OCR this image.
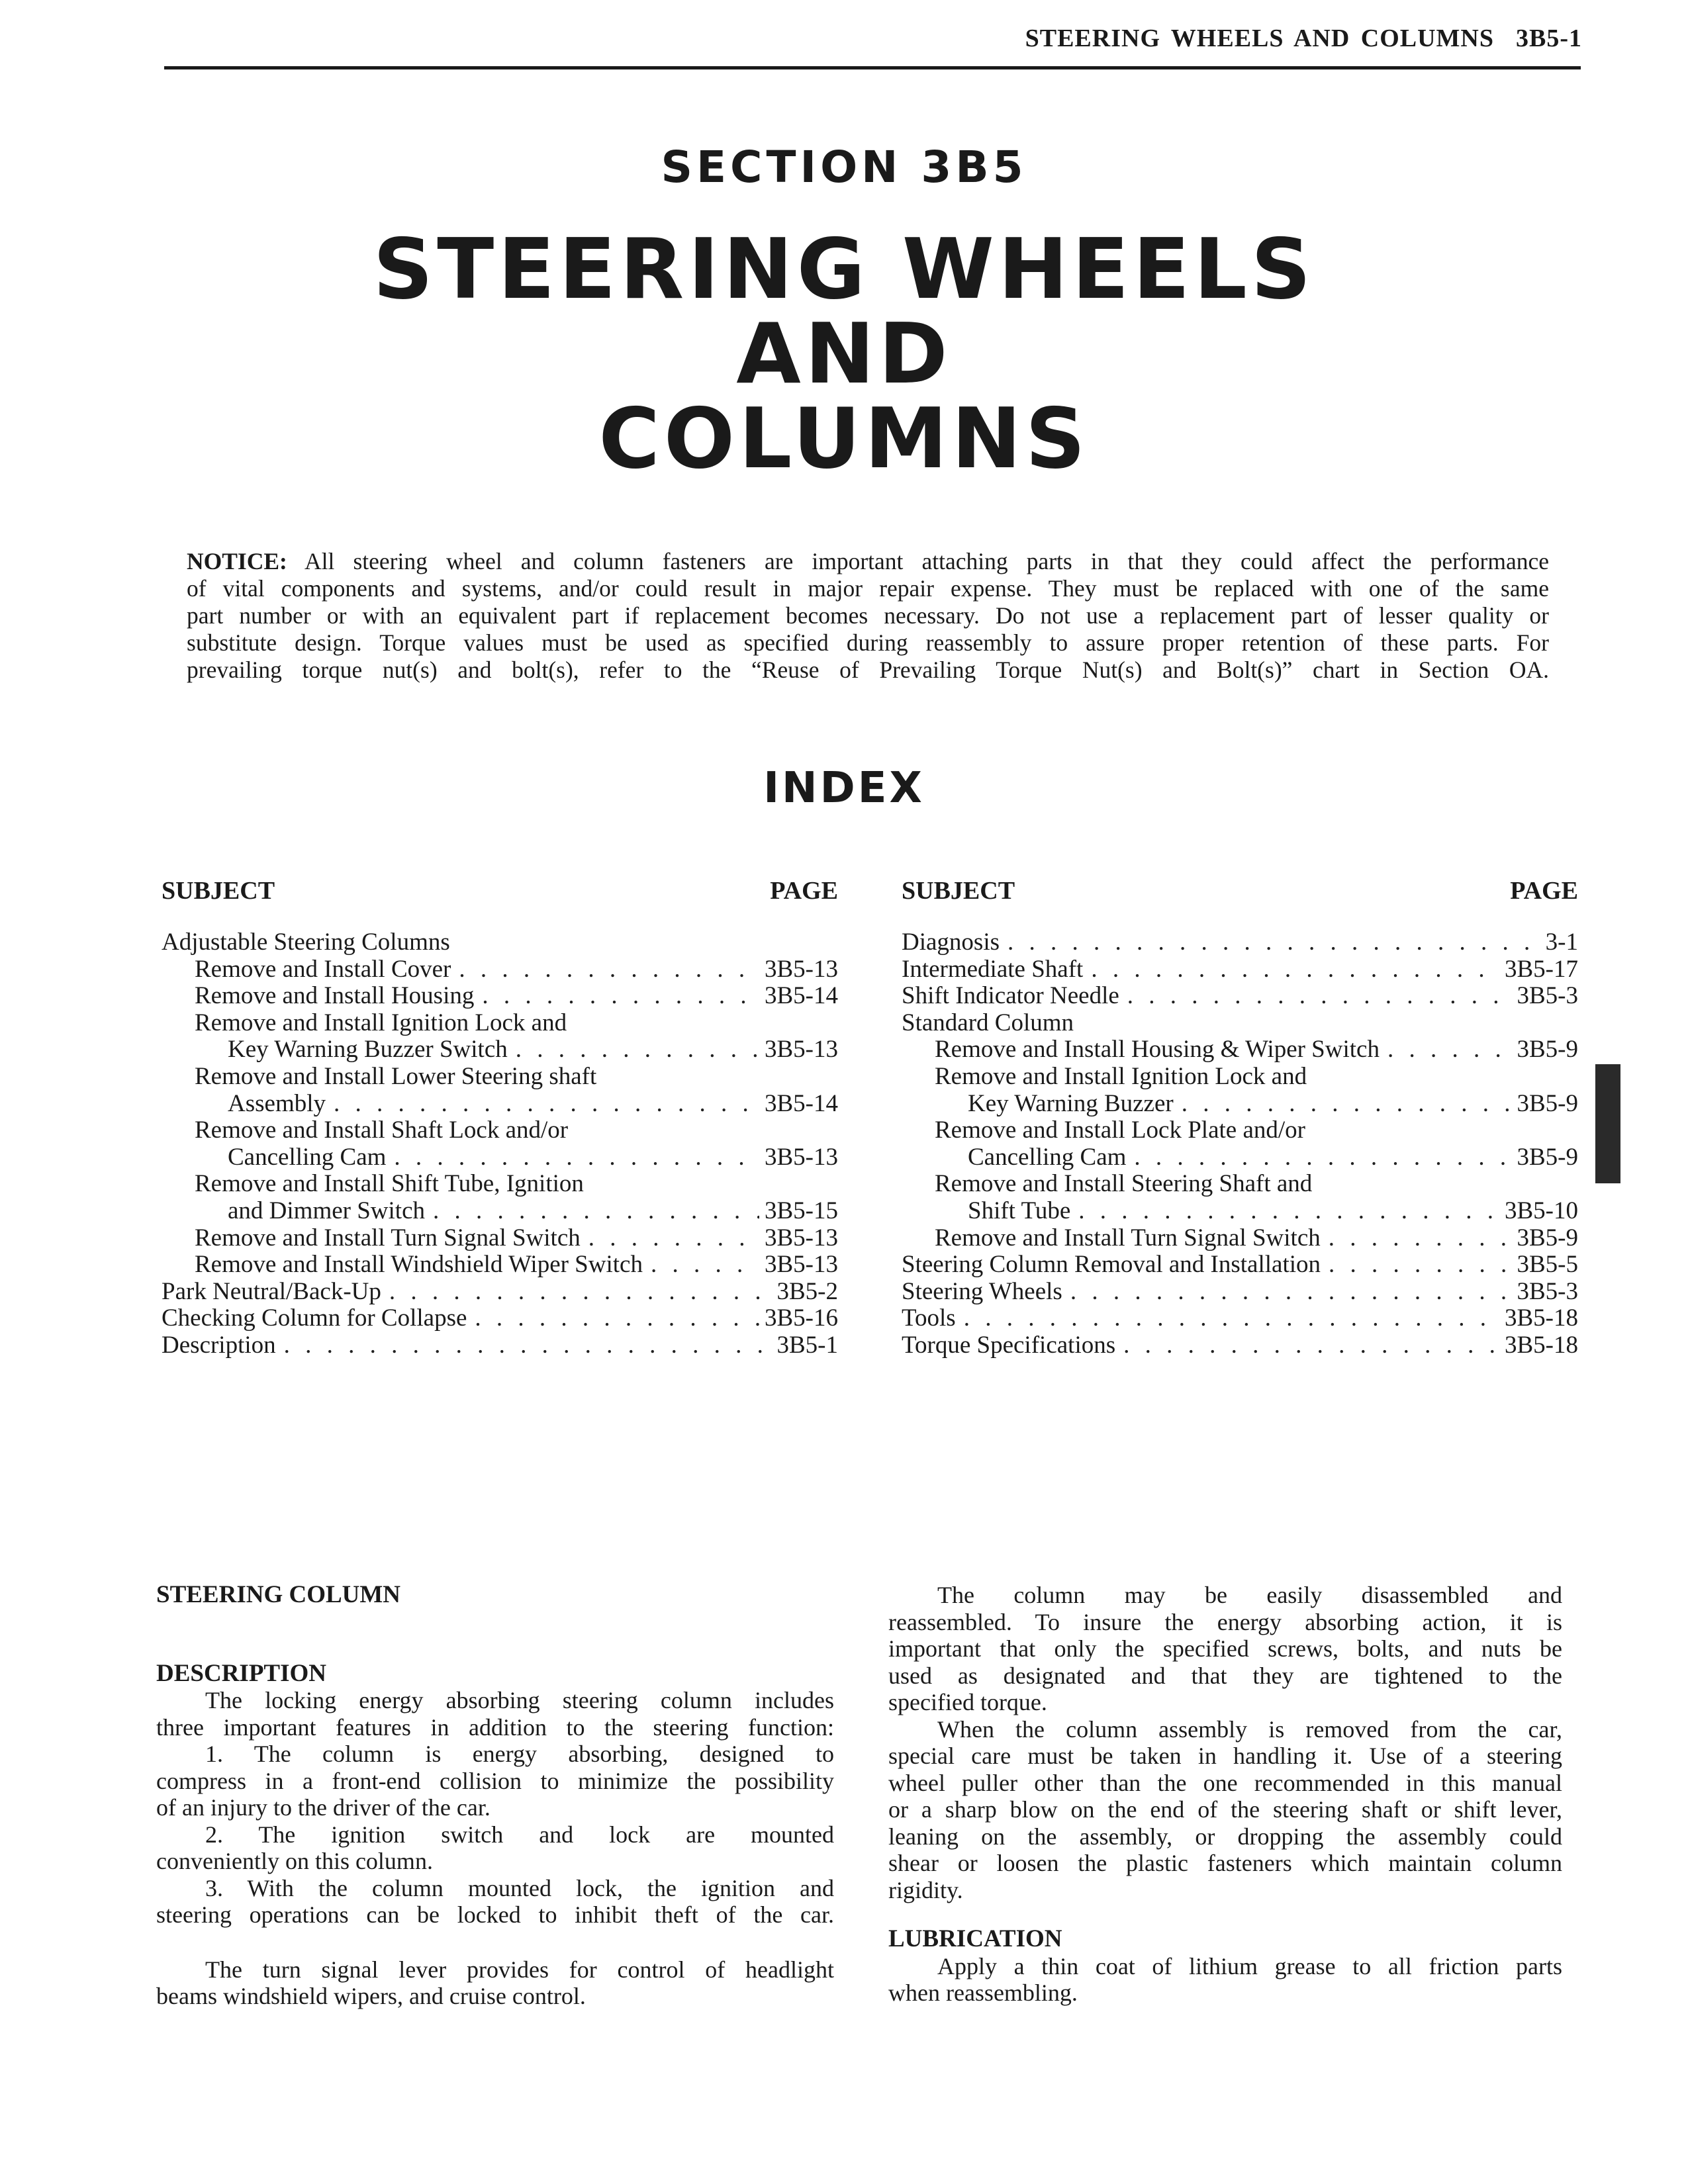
STEERING WHEELS AND COLUMNS 3B5-1
SECTION 3B5
STEERING WHEELS
AND
COLUMNS

NOTICE: All steering wheel and column fasteners are important attaching parts in that they could affect the performance

of vital components and systems, and/or could result in major repair expense. They must be replaced with one of the same

part number or with an equivalent part if replacement becomes necessary. Do not use a replacement part of lesser quality or

substitute design. Torque values must be used as specified during reassembly to assure proper retention of these parts. For

prevailing torque nut(s) and bolt(s), refer to the “Reuse of Prevailing Torque Nut(s) and Bolt(s)” chart in Section OA.

INDEX
SUBJECT	PAGE
Adjustable Steering Columns
Remove and Install Cover . . .	3B5-13
Remove and Install Housing . . .	3B5-14
Remove and Install Ignition Lock and
Key Warning Buzzer Switch . . .	3B5-13
Remove and Install Lower Steering shaft
Assembly . . .	3B5-14
Remove and Install Shaft Lock and/or
Cancelling Cam . . .	3B5-13
Remove and Install Shift Tube, Ignition
and Dimmer Switch . . .	3B5-15
Remove and Install Turn Signal Switch . . .	3B5-13
Remove and Install Windshield Wiper Switch . . .	3B5-13
Park Neutral/Back-Up . . .	3B5-2
Checking Column for Collapse . . .	3B5-16
Description . . .	3B5-1
SUBJECT	PAGE
Diagnosis . . .	3-1
Intermediate Shaft . . .	3B5-17
Shift Indicator Needle . . .	3B5-3
Standard Column
Remove and Install Housing & Wiper Switch . . .	3B5-9
Remove and Install Ignition Lock and
Key Warning Buzzer . . .	3B5-9
Remove and Install Lock Plate and/or
Cancelling Cam . . .	3B5-9
Remove and Install Steering Shaft and
Shift Tube . . .	3B5-10
Remove and Install Turn Signal Switch . . .	3B5-9
Steering Column Removal and Installation . . .	3B5-5
Steering Wheels . . .	3B5-3
Tools . . .	3B5-18
Torque Specifications . . .	3B5-18
STEERING COLUMN
DESCRIPTION
The locking energy absorbing steering column includes
three important features in addition to the steering function:
1. The column is energy absorbing, designed to
compress in a front-end collision to minimize the possibility
of an injury to the driver of the car.
2. The ignition switch and lock are mounted
conveniently on this column.
3. With the column mounted lock, the ignition and
steering operations can be locked to inhibit theft of the car.
The turn signal lever provides for control of headlight
beams windshield wipers, and cruise control.
The column may be easily disassembled and
reassembled. To insure the energy absorbing action, it is
important that only the specified screws, bolts, and nuts be
used as designated and that they are tightened to the
specified torque.
When the column assembly is removed from the car,
special care must be taken in handling it. Use of a steering
wheel puller other than the one recommended in this manual
or a sharp blow on the end of the steering shaft or shift lever,
leaning on the assembly, or dropping the assembly could
shear or loosen the plastic fasteners which maintain column
rigidity.
LUBRICATION
Apply a thin coat of lithium grease to all friction parts
when reassembling.
